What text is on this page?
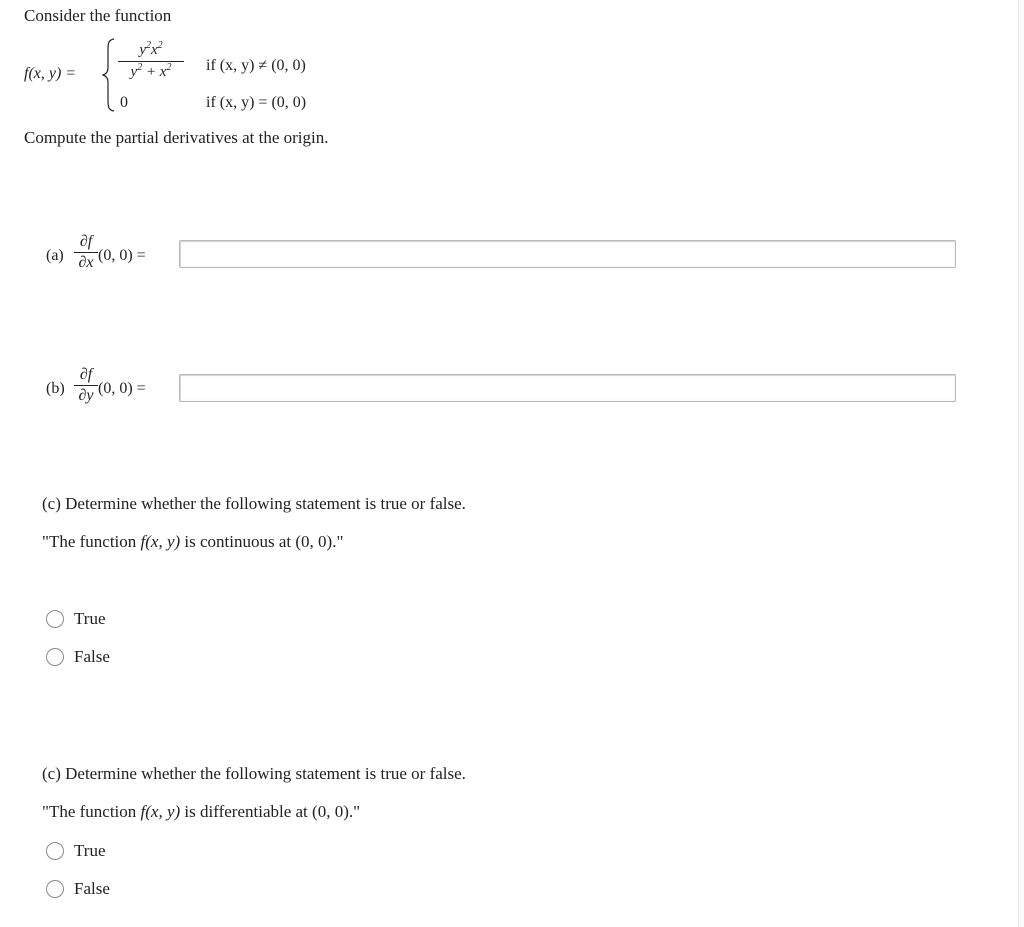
Consider the function
f(x, y) =
$y^2x^2$
$y^2 + x^2$
0
if (x, y) ≠ (0, 0)
if (x, y) = (0, 0)
Compute the partial derivatives at the origin.
(a)
∂f
∂x (0, 0) =
(b)
∂f
∂y (0, 0) =
(c) Determine whether the following statement is true or false.
"The function f(x, y) is continuous at (0, 0)."
True
False
(c) Determine whether the following statement is true or false.
"The function f(x, y) is differentiable at (0, 0)."
True
False
